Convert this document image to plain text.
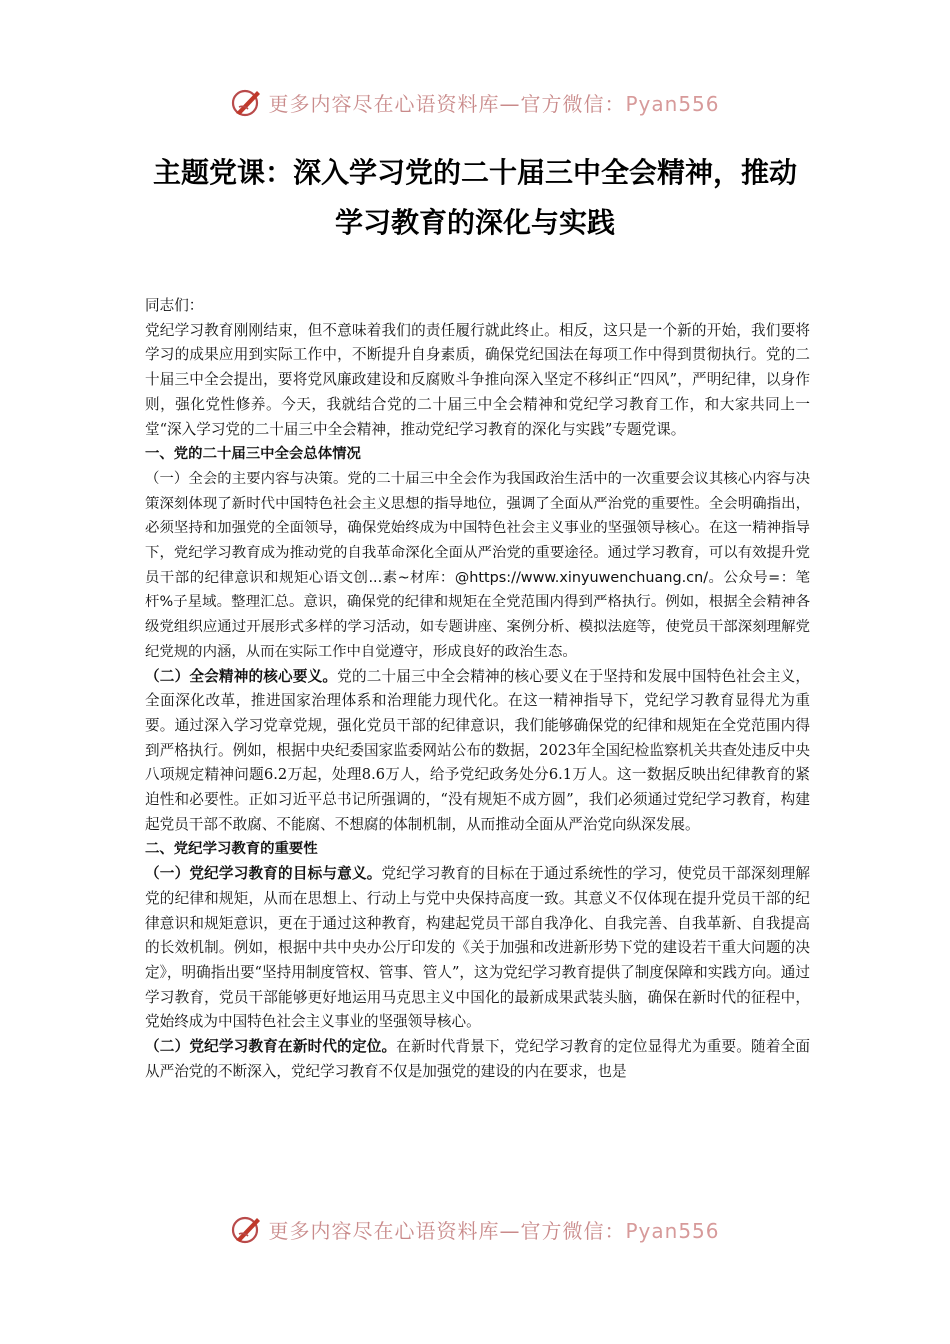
更多内容尽在心语资料库—官方微信：Pyan556
主题党课：深入学习党的二十届三中全会精神，推动
学习教育的深化与实践

同志们：

党纪学习教育刚刚结束，但不意味着我们的责任履行就此终止。相反，这只是一个新的开始，我们要将学习的成果应用到实际工作中，不断提升自身素质，确保党纪国法在每项工作中得到贯彻执行。党的二十届三中全会提出，要将党风廉政建设和反腐败斗争推向深入坚定不移纠正“四风”，严明纪律，以身作则，强化党性修养。今天，我就结合党的二十届三中全会精神和党纪学习教育工作，和大家共同上一堂“深入学习党的二十届三中全会精神，推动党纪学习教育的深化与实践”专题党课。

一、党的二十届三中全会总体情况

（一）全会的主要内容与决策。党的二十届三中全会作为我国政治生活中的一次重要会议其核心内容与决策深刻体现了新时代中国特色社会主义思想的指导地位，强调了全面从严治党的重要性。全会明确指出，必须坚持和加强党的全面领导，确保党始终成为中国特色社会主义事业的坚强领导核心。在这一精神指导下，党纪学习教育成为推动党的自我革命深化全面从严治党的重要途径。通过学习教育，可以有效提升党员干部的纪律意识和规矩心语文创...素~材库：@https://www.xinyuwenchuang.cn/。公众号=：笔杆%子星域。整理汇总。意识，确保党的纪律和规矩在全党范围内得到严格执行。例如，根据全会精神各级党组织应通过开展形式多样的学习活动，如专题讲座、案例分析、模拟法庭等，使党员干部深刻理解党纪党规的内涵，从而在实际工作中自觉遵守，形成良好的政治生态。

（二）全会精神的核心要义。党的二十届三中全会精神的核心要义在于坚持和发展中国特色社会主义，全面深化改革，推进国家治理体系和治理能力现代化。在这一精神指导下，党纪学习教育显得尤为重要。通过深入学习党章党规，强化党员干部的纪律意识，我们能够确保党的纪律和规矩在全党范围内得到严格执行。例如，根据中央纪委国家监委网站公布的数据，2023年全国纪检监察机关共查处违反中央八项规定精神问题6.2万起，处理8.6万人，给予党纪政务处分6.1万人。这一数据反映出纪律教育的紧迫性和必要性。正如习近平总书记所强调的，“没有规矩不成方圆”，我们必须通过党纪学习教育，构建起党员干部不敢腐、不能腐、不想腐的体制机制，从而推动全面从严治党向纵深发展。

二、党纪学习教育的重要性

（一）党纪学习教育的目标与意义。党纪学习教育的目标在于通过系统性的学习，使党员干部深刻理解党的纪律和规矩，从而在思想上、行动上与党中央保持高度一致。其意义不仅体现在提升党员干部的纪律意识和规矩意识，更在于通过这种教育，构建起党员干部自我净化、自我完善、自我革新、自我提高的长效机制。例如，根据中共中央办公厅印发的《关于加强和改进新形势下党的建设若干重大问题的决定》，明确指出要“坚持用制度管权、管事、管人”，这为党纪学习教育提供了制度保障和实践方向。通过学习教育，党员干部能够更好地运用马克思主义中国化的最新成果武装头脑，确保在新时代的征程中，党始终成为中国特色社会主义事业的坚强领导核心。

（二）党纪学习教育在新时代的定位。在新时代背景下，党纪学习教育的定位显得尤为重要。随着全面从严治党的不断深入，党纪学习教育不仅是加强党的建设的内在要求，也是

更多内容尽在心语资料库—官方微信：Pyan556
